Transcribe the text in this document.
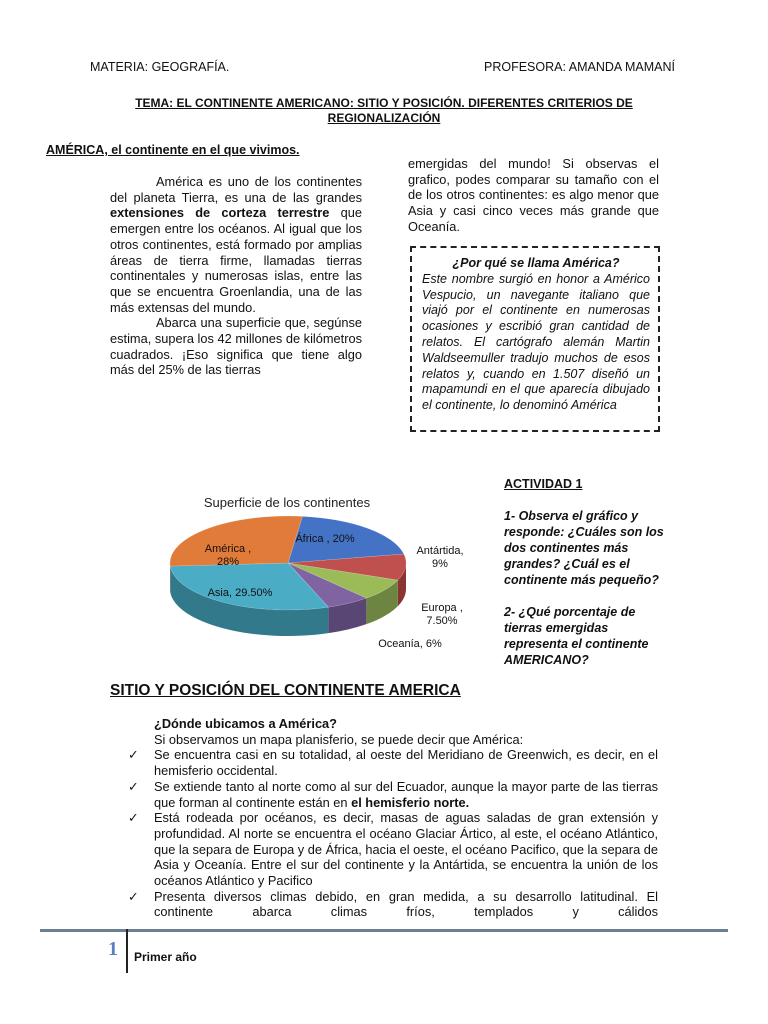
MATERIA: GEOGRAFÍA.	PROFESORA: AMANDA MAMANÍ
TEMA: EL CONTINENTE AMERICANO: SITIO Y POSICIÓN. DIFERENTES CRITERIOS DE REGIONALIZACIÓN
AMÉRICA, el continente en el que vivimos.

América es uno de los continentes del planeta Tierra, es una de las grandes extensiones de corteza terrestre que emergen entre los océanos. Al igual que los otros continentes, está formado por amplias áreas de tierra firme, llamadas tierras continentales y numerosas islas, entre las que se encuentra Groenlandia, una de las más extensas del mundo.

Abarca una superficie que, segúnse estima, supera los 42 millones de kilómetros cuadrados. ¡Eso significa que tiene algo más del 25% de las tierras

emergidas del mundo! Si observas el grafico, podes comparar su tamaño con el de los otros continentes: es algo menor que Asia y casi cinco veces más grande que Oceanía.
¿Por qué se llama América?
Este nombre surgió en honor a Américo Vespucio, un navegante italiano que viajó por el continente en numerosas ocasiones y escribió gran cantidad de relatos. El cartógrafo alemán Martin Waldseemuller tradujo muchos de esos relatos y, cuando en 1.507 diseñó un mapamundi en el que aparecía dibujado el continente, lo denominó América
Superficie de los continentes
África , 20%
Antártida, 9%
Europa , 7.50%
Oceanía, 6%
Asia, 29.50%
América , 28%
ACTIVIDAD 1
1- Observa el gráfico y responde: ¿Cuáles son los dos continentes más grandes? ¿Cuál es el continente más pequeño?
2- ¿Qué porcentaje de tierras emergidas representa el continente AMERICANO?
SITIO Y POSICIÓN DEL CONTINENTE AMERICA
¿Dónde ubicamos a América?
Si observamos un mapa planisferio, se puede decir que América:
✓ Se encuentra casi en su totalidad, al oeste del Meridiano de Greenwich, es decir, en el hemisferio occidental.
✓ Se extiende tanto al norte como al sur del Ecuador, aunque la mayor parte de las tierras que forman al continente están en el hemisferio norte.
✓ Está rodeada por océanos, es decir, masas de aguas saladas de gran extensión y profundidad. Al norte se encuentra el océano Glaciar Ártico, al este, el océano Atlántico, que la separa de Europa y de África, hacia el oeste, el océano Pacifico, que la separa de Asia y Oceanía. Entre el sur del continente y la Antártida, se encuentra la unión de los océanos Atlántico y Pacifico
✓ Presenta diversos climas debido, en gran medida, a su desarrollo latitudinal. El continente abarca climas fríos, templados y cálidos
1 Primer año
